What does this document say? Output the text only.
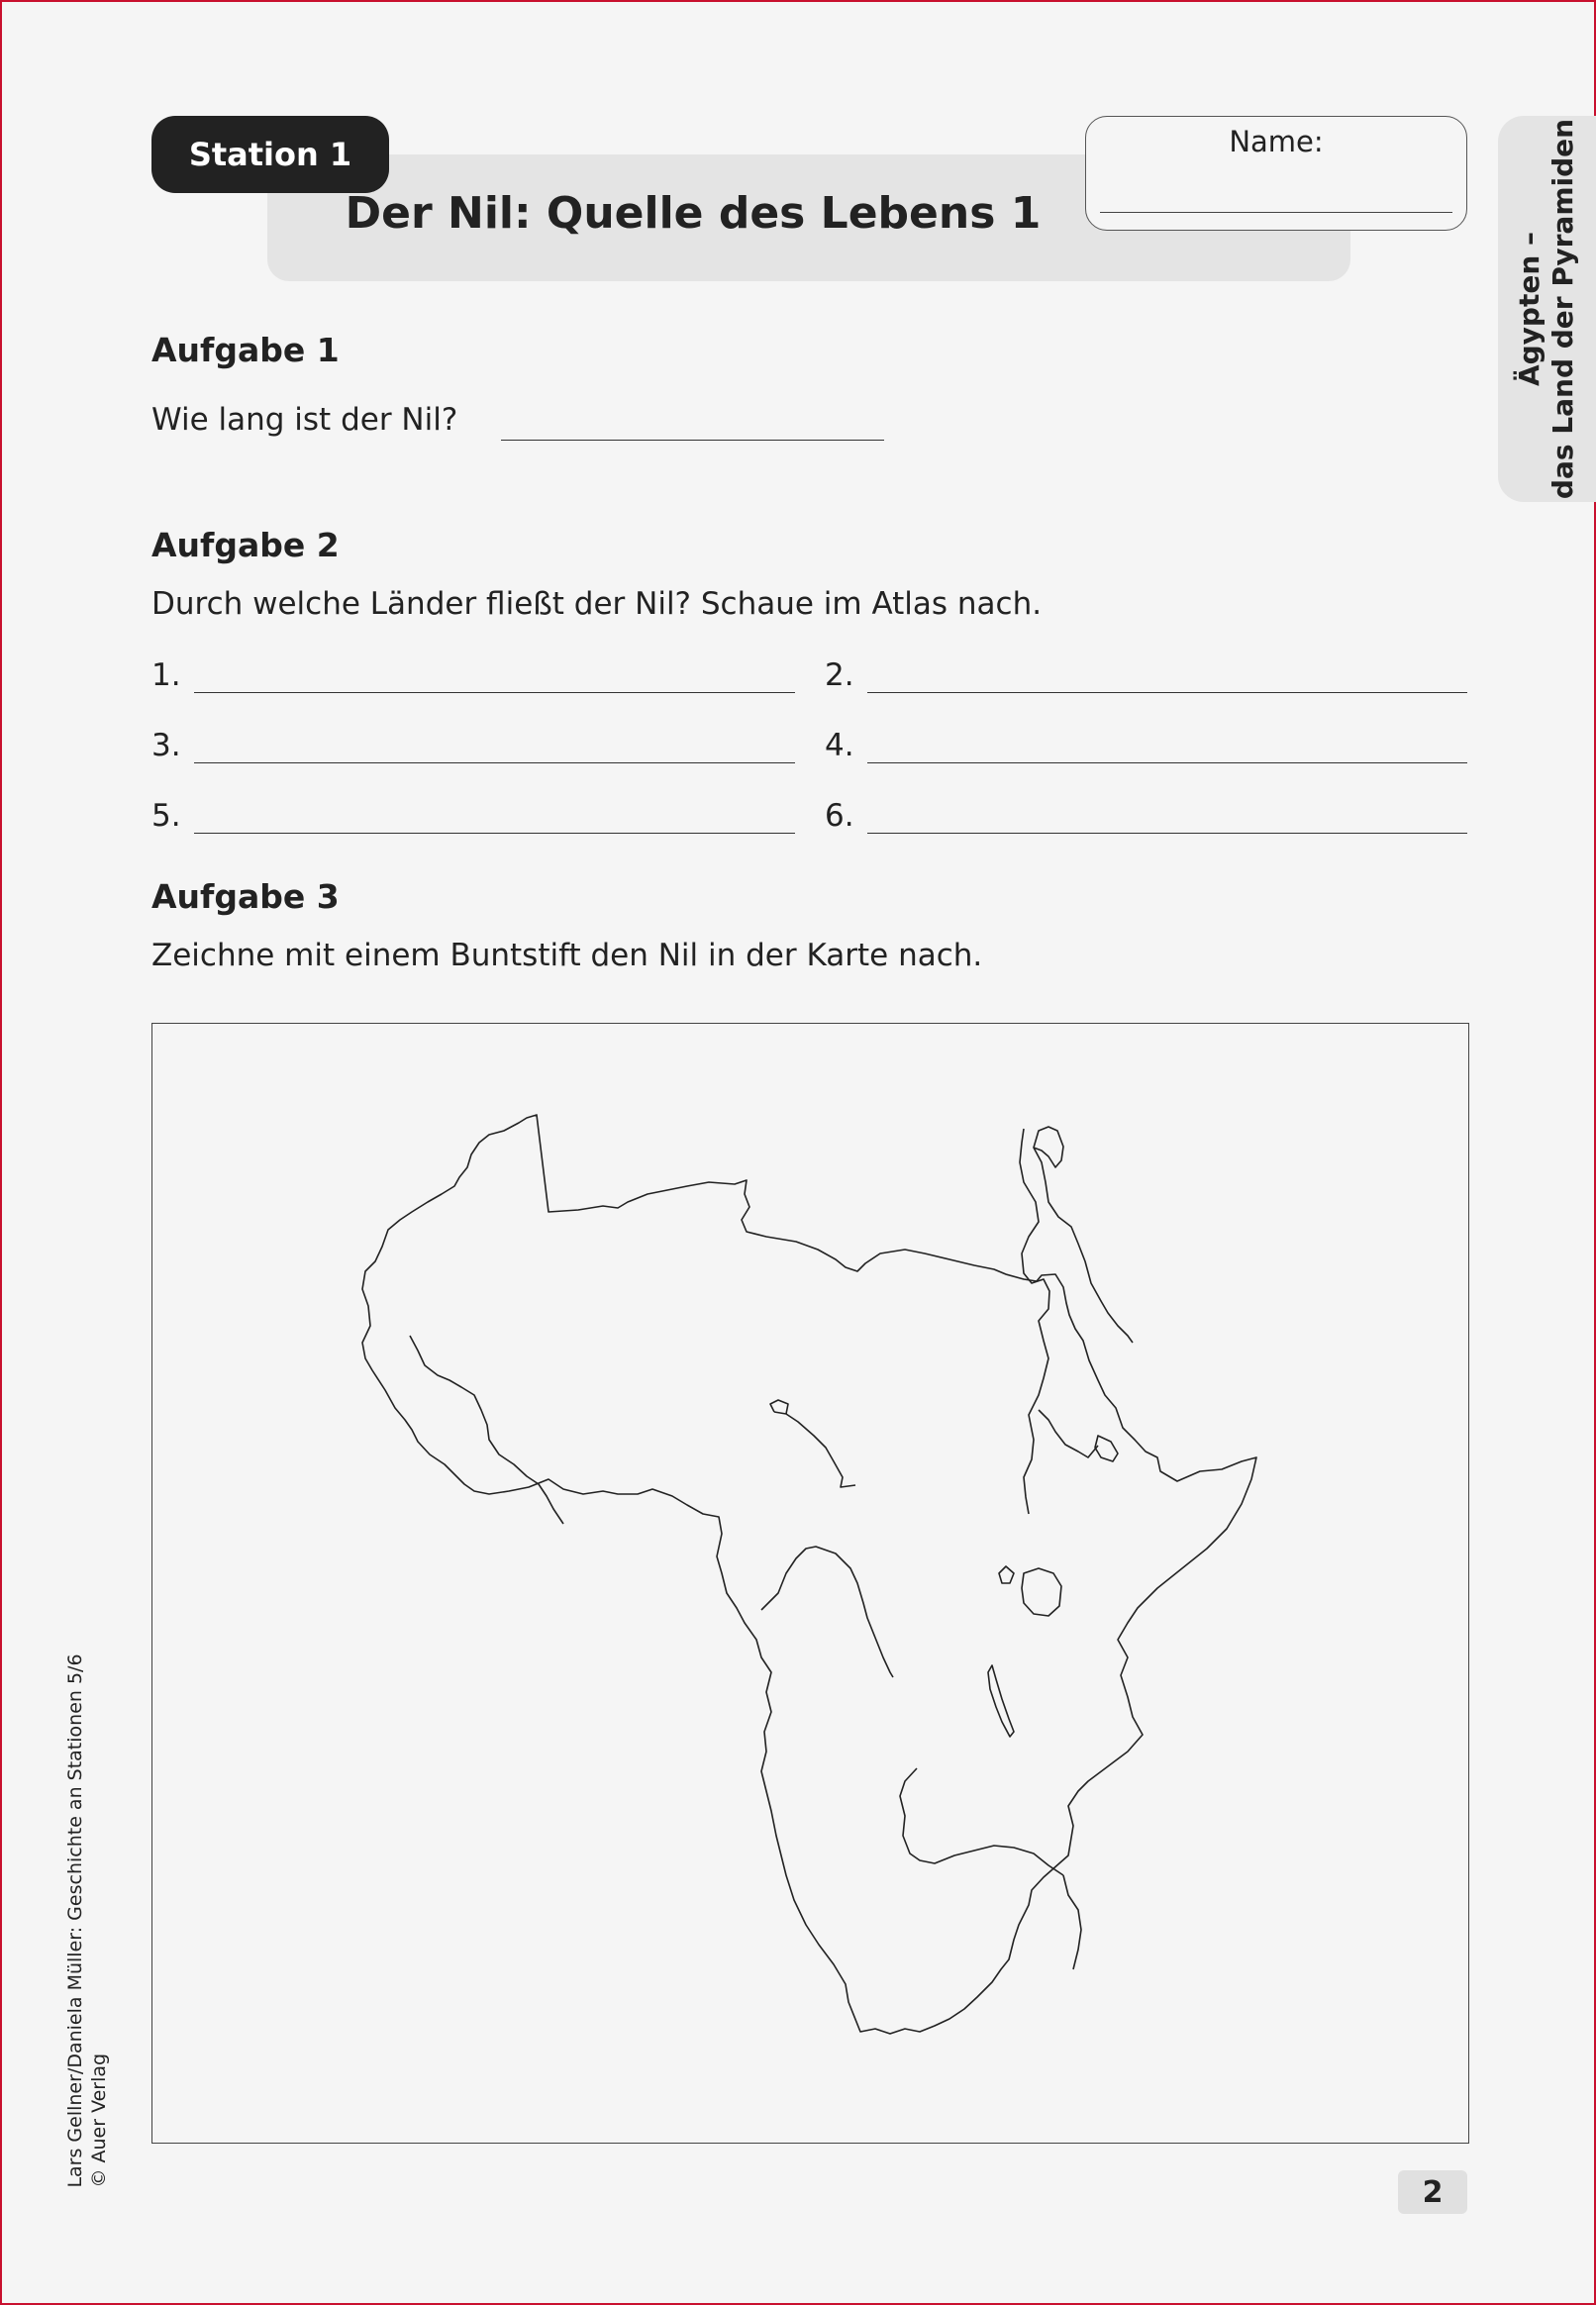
Station 1
Der Nil: Quelle des Lebens 1
Name:
Ägypten – das Land der Pyramiden
Aufgabe 1
Wie lang ist der Nil?
Aufgabe 2
Durch welche Länder fließt der Nil? Schaue im Atlas nach.
1.	2.
3.	4.
5.	6.
Aufgabe 3
Zeichne mit einem Buntstift den Nil in der Karte nach.
Lars Gellner/Daniela Müller: Geschichte an Stationen 5/6 © Auer Verlag
2
